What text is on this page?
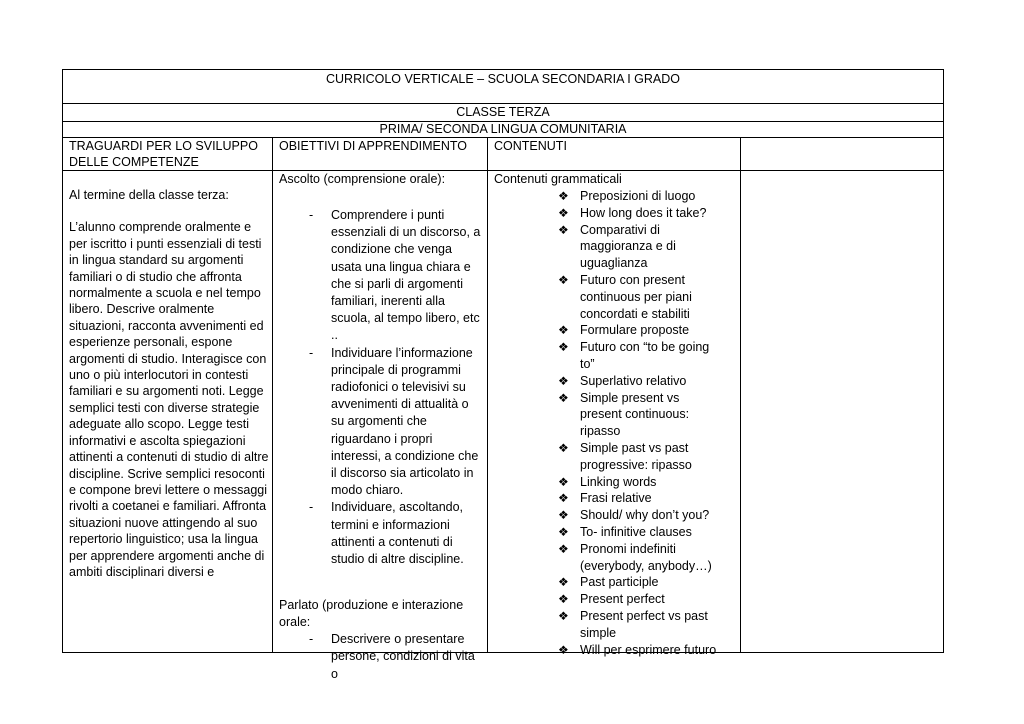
CURRICOLO VERTICALE – SCUOLA SECONDARIA I GRADO
CLASSE TERZA
PRIMA/ SECONDA LINGUA COMUNITARIA
TRAGUARDI PER LO SVILUPPO DELLE COMPETENZE
OBIETTIVI DI APPRENDIMENTO	CONTENUTI
Al termine della classe terza:
L’alunno comprende oralmente e per iscritto i punti essenziali di testi in lingua standard su argomenti familiari o di studio che affronta normalmente a scuola e nel tempo libero. Descrive oralmente situazioni, racconta avvenimenti ed esperienze personali, espone argomenti di studio. Interagisce con uno o più interlocutori in contesti familiari e su argomenti noti. Legge semplici testi con diverse strategie adeguate allo scopo. Legge testi informativi e ascolta spiegazioni attinenti a contenuti di studio di altre discipline. Scrive semplici resoconti e compone brevi lettere o messaggi rivolti a coetanei e familiari. Affronta situazioni nuove attingendo al suo repertorio linguistico; usa la lingua per apprendere argomenti anche di ambiti disciplinari diversi e
Ascolto (comprensione orale):
- Comprendere i punti essenziali di un discorso, a condizione che venga usata una lingua chiara e che si parli di argomenti familiari, inerenti alla scuola, al tempo libero, etc ..
- Individuare l’informazione principale di programmi radiofonici o televisivi su avvenimenti di attualità o su argomenti che riguardano i propri interessi, a condizione che il discorso sia articolato in modo chiaro.
- Individuare, ascoltando, termini e informazioni attinenti a contenuti di studio di altre discipline.
Parlato (produzione e interazione orale:
- Descrivere o presentare persone, condizioni di vita o
Contenuti grammaticali
❖ Preposizioni di luogo
❖ How long does it take?
❖ Comparativi di maggioranza e di uguaglianza
❖ Futuro con present continuous per piani concordati e stabiliti
❖ Formulare proposte
❖ Futuro con “to be going to”
❖ Superlativo relativo
❖ Simple present vs present continuous: ripasso
❖ Simple past vs past progressive: ripasso
❖ Linking words
❖ Frasi relative
❖ Should/ why don’t you?
❖ To- infinitive clauses
❖ Pronomi indefiniti (everybody, anybody…)
❖ Past participle
❖ Present perfect
❖ Present perfect vs past simple
❖ Will per esprimere futuro
